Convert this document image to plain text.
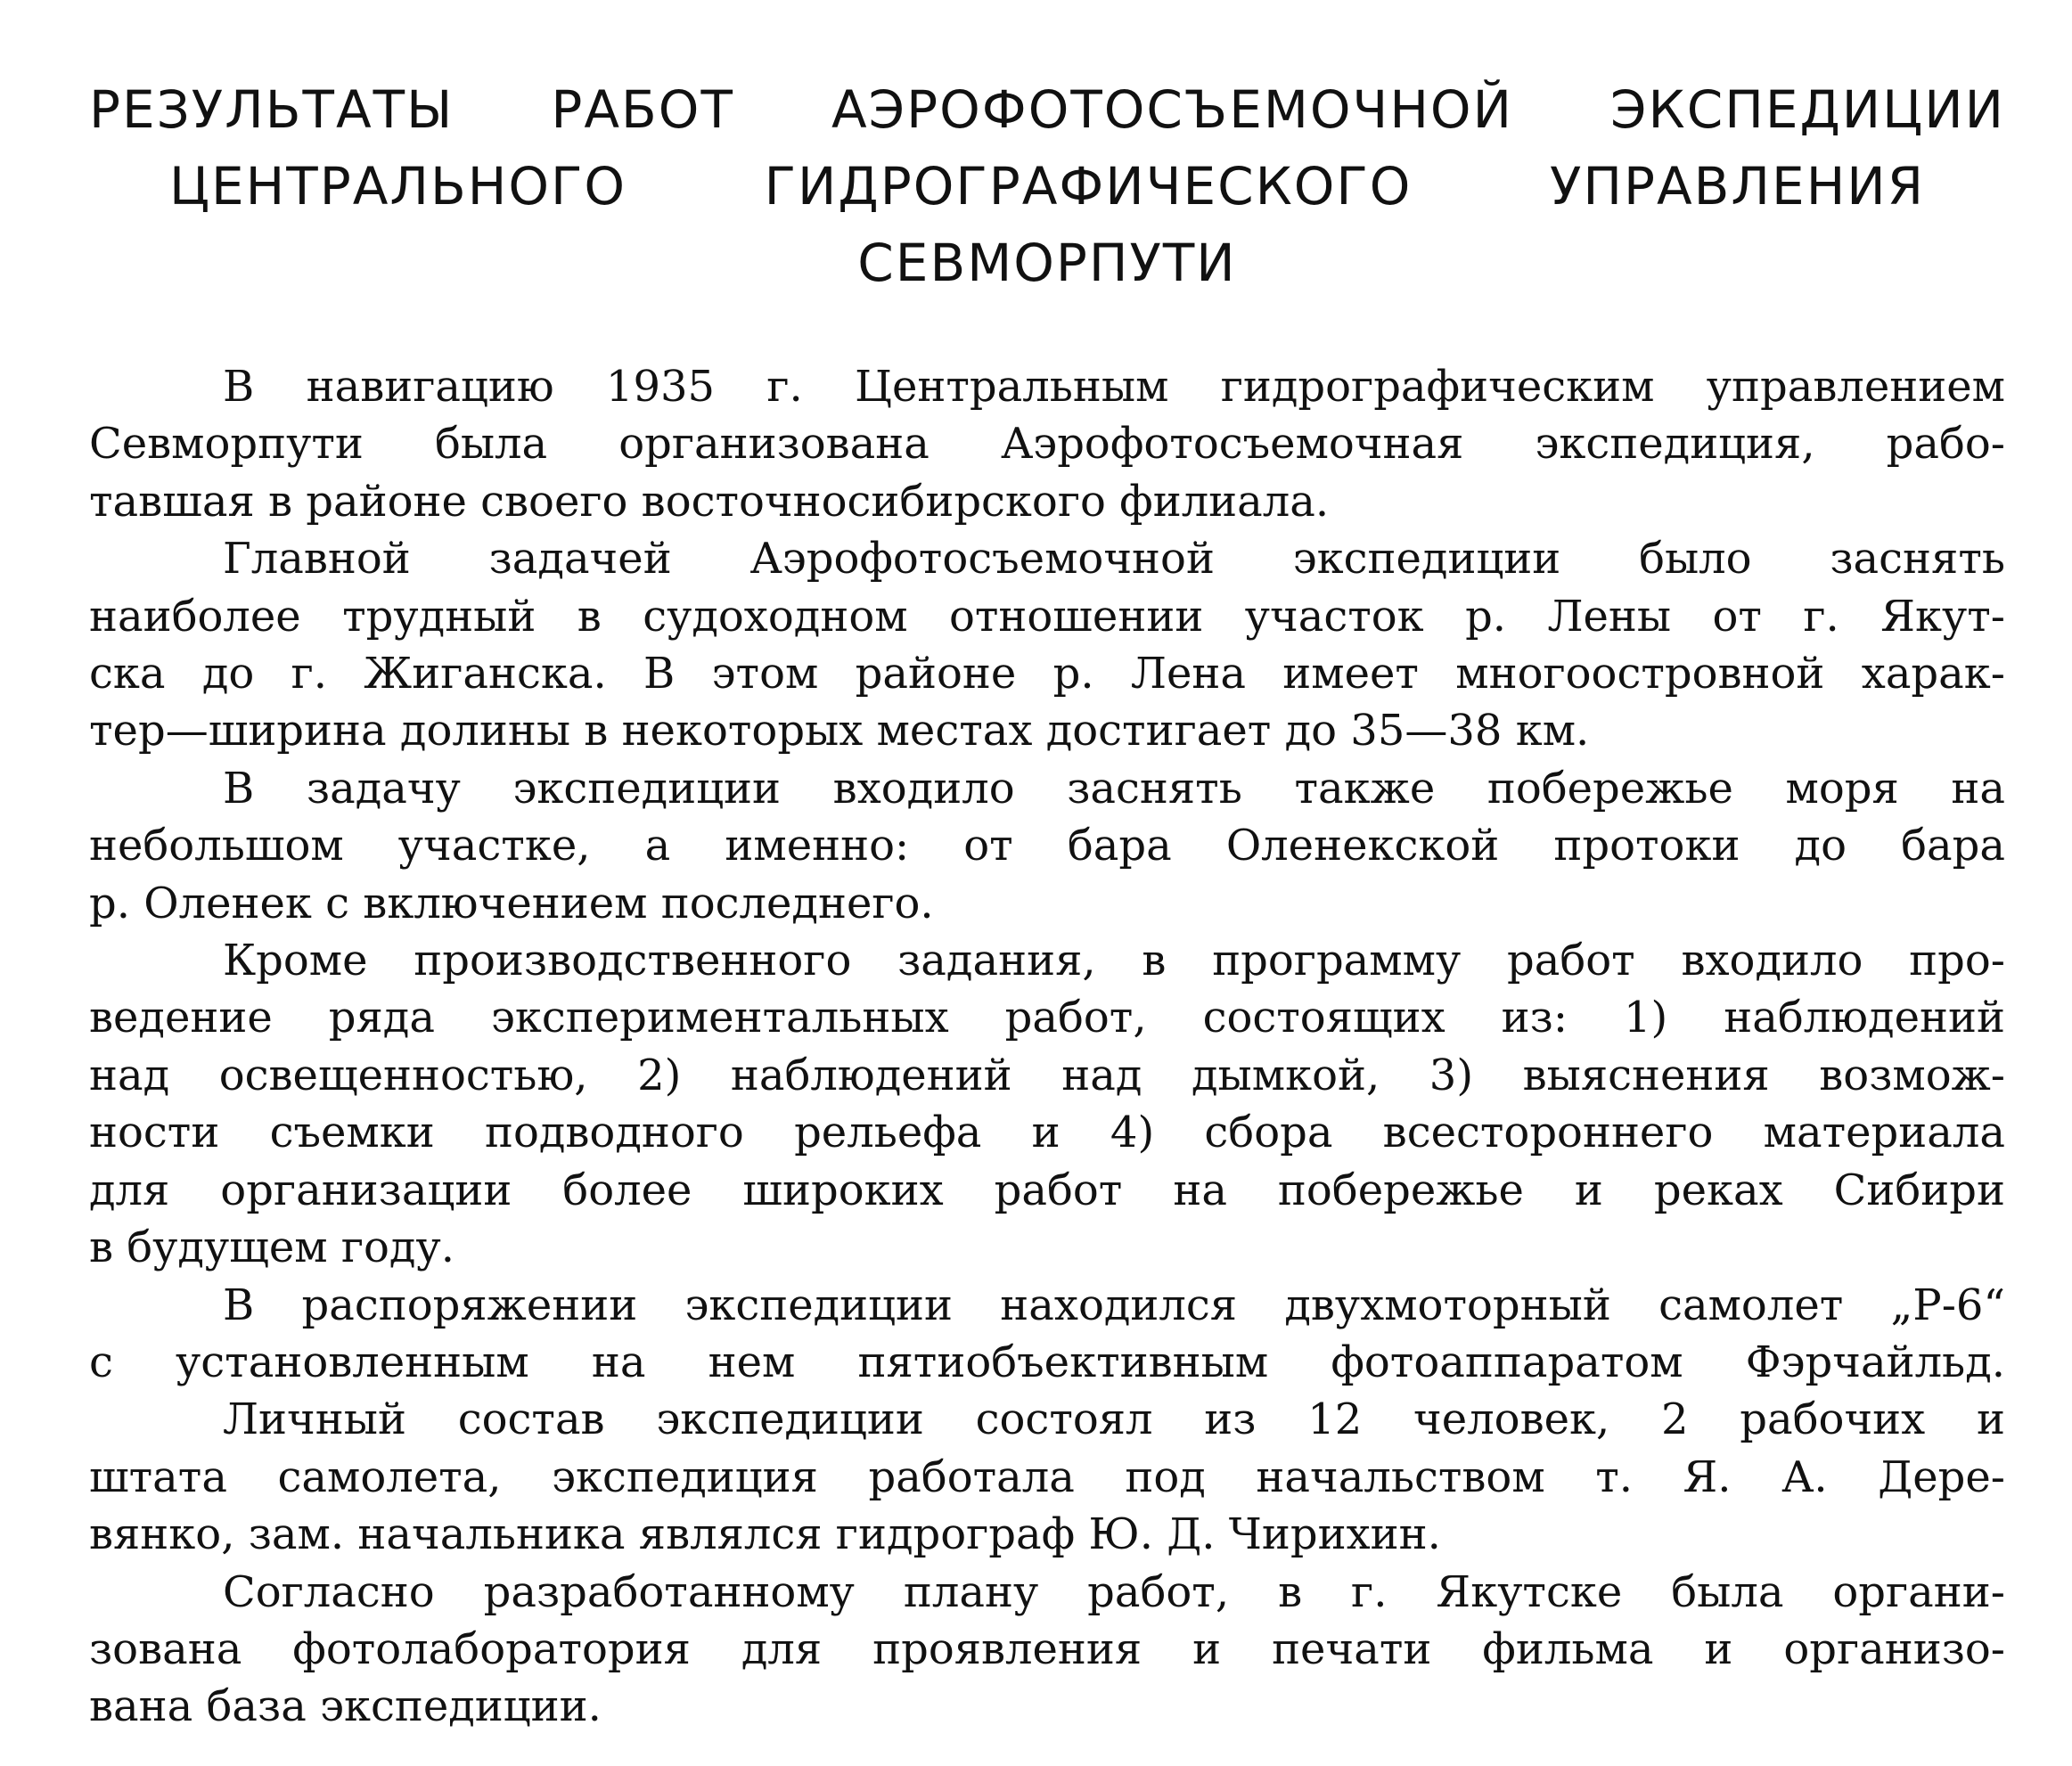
РЕЗУЛЬТАТЫ РАБОТ АЭРОФОТОСЪЕМОЧНОЙ ЭКСПЕДИЦИИ
ЦЕНТРАЛЬНОГО ГИДРОГРАФИЧЕСКОГО УПРАВЛЕНИЯ
СЕВМОРПУТИ
В навигацию 1935 г. Центральным гидрографическим управлением
Севморпути была организована Аэрофотосъемочная экспедиция, рабо-
тавшая в районе своего восточносибирского филиала.
Главной задачей Аэрофотосъемочной экспедиции было заснять
наиболее трудный в судоходном отношении участок р. Лены от г. Якут-
ска до г. Жиганска. В этом районе р. Лена имеет многоостровной харак-
тер—ширина долины в некоторых местах достигает до 35—38 км.
В задачу экспедиции входило заснять также побережье моря на
небольшом участке, а именно: от бара Оленекской протоки до бара
р. Оленек с включением последнего.
Кроме производственного задания, в программу работ входило про-
ведение ряда экспериментальных работ, состоящих из: 1) наблюдений
над освещенностью, 2) наблюдений над дымкой, 3) выяснения возмож-
ности съемки подводного рельефа и 4) сбора всестороннего материала
для организации более широких работ на побережье и реках Сибири
в будущем году.
В распоряжении экспедиции находился двухмоторный самолет „Р-6“
с установленным на нем пятиобъективным фотоаппаратом Фэрчайльд.
Личный состав экспедиции состоял из 12 человек, 2 рабочих и
штата самолета, экспедиция работала под начальством т. Я. А. Дере-
вянко, зам. начальника являлся гидрограф Ю. Д. Чирихин.
Согласно разработанному плану работ, в г. Якутске была органи-
зована фотолаборатория для проявления и печати фильма и организо-
вана база экспедиции.
